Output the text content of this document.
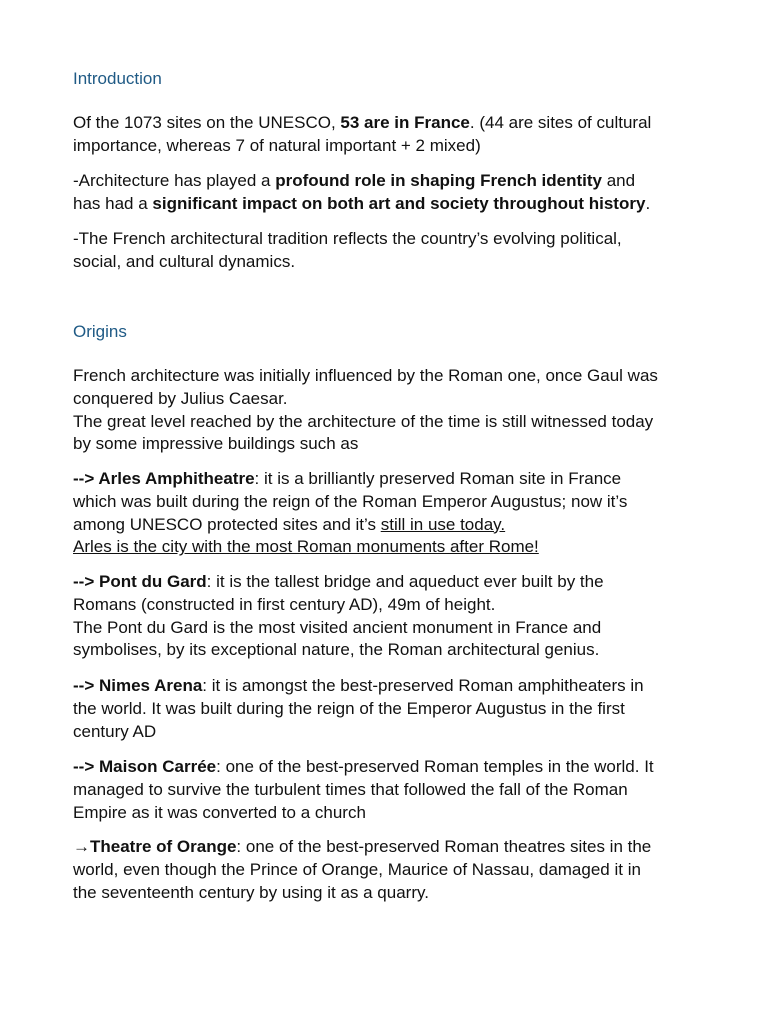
Introduction

Of the 1073 sites on the UNESCO, 53 are in France. (44 are sites of cultural
importance, whereas 7 of natural important + 2 mixed)

-Architecture has played a profound role in shaping French identity and
has had a significant impact on both art and society throughout history.

-The French architectural tradition reflects the country’s evolving political,
social, and cultural dynamics.

Origins

French architecture was initially influenced by the Roman one, once Gaul was
conquered by Julius Caesar.
The great level reached by the architecture of the time is still witnessed today
by some impressive buildings such as

--> Arles Amphitheatre: it is a brilliantly preserved Roman site in France
which was built during the reign of the Roman Emperor Augustus; now it’s
among UNESCO protected sites and it’s still in use today.
Arles is the city with the most Roman monuments after Rome!

--> Pont du Gard: it is the tallest bridge and aqueduct ever built by the
Romans (constructed in first century AD), 49m of height.
The Pont du Gard is the most visited ancient monument in France and
symbolises, by its exceptional nature, the Roman architectural genius.

--> Nimes Arena: it is amongst the best-preserved Roman amphitheaters in
the world. It was built during the reign of the Emperor Augustus in the first
century AD

--> Maison Carrée: one of the best-preserved Roman temples in the world. It
managed to survive the turbulent times that followed the fall of the Roman
Empire as it was converted to a church

→Theatre of Orange: one of the best-preserved Roman theatres sites in the
world, even though the Prince of Orange, Maurice of Nassau, damaged it in
the seventeenth century by using it as a quarry.
